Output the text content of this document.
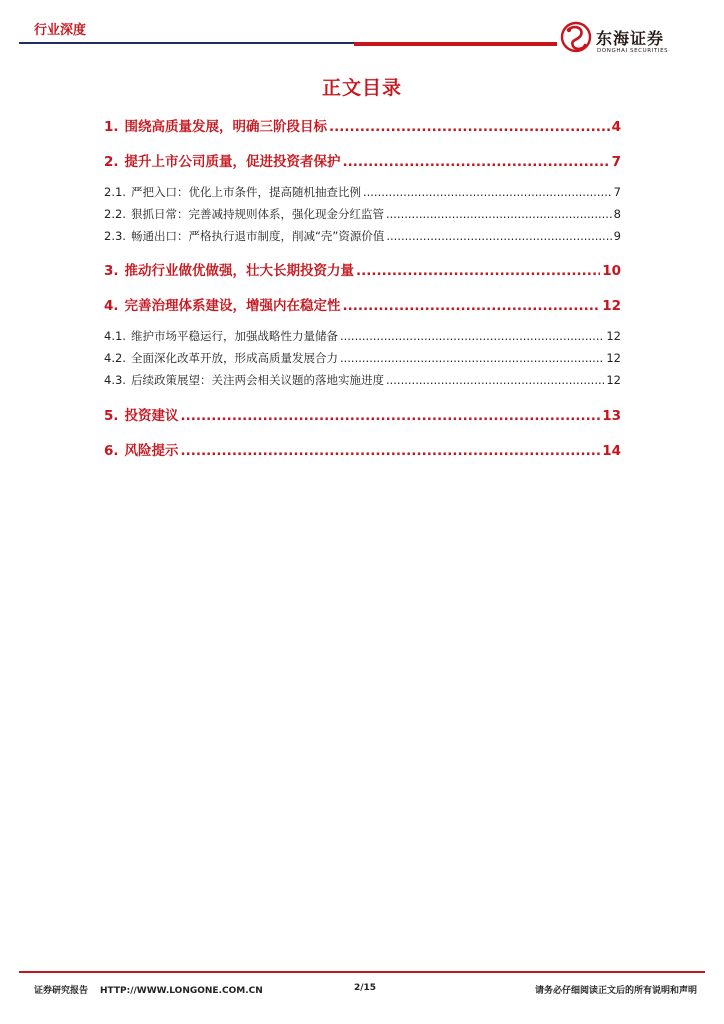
行业深度	东海证券
DONGHAI SECURITIES
正文目录
1. 围绕高质量发展，明确三阶段目标 .....	4
2. 提升上市公司质量，促进投资者保护 .....	7
2.1. 严把入口：优化上市条件，提高随机抽查比例 .....	7
2.2. 狠抓日常：完善减持规则体系，强化现金分红监管 .....	8
2.3. 畅通出口：严格执行退市制度，削减“壳”资源价值 .....	9
3. 推动行业做优做强，壮大长期投资力量 .....	10
4. 完善治理体系建设，增强内在稳定性 .....	12
4.1. 维护市场平稳运行，加强战略性力量储备 .....	12
4.2. 全面深化改革开放，形成高质量发展合力 .....	12
4.3. 后续政策展望：关注两会相关议题的落地实施进度 .....	12
5. 投资建议 .....	13
6. 风险提示 .....	14
证券研究报告 HTTP://WWW.LONGONE.COM.CN	2/15	请务必仔细阅读正文后的所有说明和声明
